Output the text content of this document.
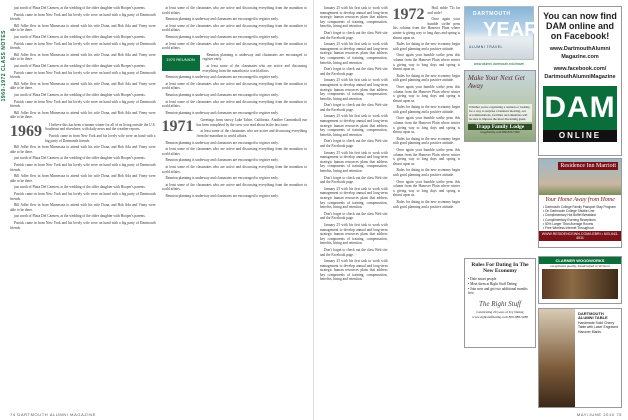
1960-1972 CLASS NOTES

just north of Plaza Del Carmen, at the wedding of the older daughter with Hooper's parents.

Patrick came in from New York and his lovely wife were on hand with a big party of Dartmouth friends.

Bill Adler flew in from Minnesota to attend with his wife Dona, and Bob Ada and Vinny were able to be there.

just north of Plaza Del Carmen, at the wedding of the older daughter with Hooper's parents.

Patrick came in from New York and his lovely wife were on hand with a big party of Dartmouth friends.

Bill Adler flew in from Minnesota to attend with his wife Dona, and Bob Ada and Vinny were able to be there.

just north of Plaza Del Carmen, at the wedding of the older daughter with Hooper's parents.

Patrick came in from New York and his lovely wife were on hand with a big party of Dartmouth friends.

Bill Adler flew in from Minnesota to attend with his wife Dona, and Bob Ada and Vinny were able to be there.

just north of Plaza Del Carmen, at the wedding of the older daughter with Hooper's parents.

Patrick came in from New York and his lovely wife were on hand with a big party of Dartmouth friends.

Bill Adler flew in from Minnesota to attend with his wife Dona, and Bob Ada and Vinny were able to be there.

1969	I believe this has been a banner winter for all of us living outside the U.S. Southeast and elsewhere, with daily news and the weather reports.

Patrick came in from New York and his lovely wife were on hand with a big party of Dartmouth friends.

Bill Adler flew in from Minnesota to attend with his wife Dona, and Bob Ada and Vinny were able to be there.

just north of Plaza Del Carmen, at the wedding of the older daughter with Hooper's parents.

Patrick came in from New York and his lovely wife were on hand with a big party of Dartmouth friends.

Bill Adler flew in from Minnesota to attend with his wife Dona, and Bob Ada and Vinny were able to be there.

just north of Plaza Del Carmen, at the wedding of the older daughter with Hooper's parents.

Patrick came in from New York and his lovely wife were on hand with a big party of Dartmouth friends.

Bill Adler flew in from Minnesota to attend with his wife Dona, and Bob Ada and Vinny were able to be there.

just north of Plaza Del Carmen, at the wedding of the older daughter with Hooper's parents.

Patrick came in from New York and his lovely wife were on hand with a big party of Dartmouth friends.

at least some of the classmates who are active and discussing everything from the marathon to world affairs.

Reunion planning is underway and classmates are encouraged to register early.

at least some of the classmates who are active and discussing everything from the marathon to world affairs.

Reunion planning is underway and classmates are encouraged to register early.

at least some of the classmates who are active and discussing everything from the marathon to world affairs.

1970 REUNION

Reunion planning is underway and classmates are encouraged to register early.

at least some of the classmates who are active and discussing everything from the marathon to world affairs.

Reunion planning is underway and classmates are encouraged to register early.

at least some of the classmates who are active and discussing everything from the marathon to world affairs.

Reunion planning is underway and classmates are encouraged to register early.

at least some of the classmates who are active and discussing everything from the marathon to world affairs.

Reunion planning is underway and classmates are encouraged to register early.

1971	Greetings from snowy Lake Tahoe, California. Another Cannonball run has been completed by the crew you read about in the last issue.

at least some of the classmates who are active and discussing everything from the marathon to world affairs.

Reunion planning is underway and classmates are encouraged to register early.

at least some of the classmates who are active and discussing everything from the marathon to world affairs.

Reunion planning is underway and classmates are encouraged to register early.

at least some of the classmates who are active and discussing everything from the marathon to world affairs.

Reunion planning is underway and classmates are encouraged to register early.

at least some of the classmates who are active and discussing everything from the marathon to world affairs.

Reunion planning is underway and classmates are encouraged to register early.

74 DARTMOUTH ALUMNI MAGAZINE

January 25 with his first task to work with management to develop annual and long-term strategic human resources plans that address key components of training, compensation, benefits, hiring and retention.

Don't forget to check out the class Web site and the Facebook page.

January 25 with his first task to work with management to develop annual and long-term strategic human resources plans that address key components of training, compensation, benefits, hiring and retention.

Don't forget to check out the class Web site and the Facebook page.

January 25 with his first task to work with management to develop annual and long-term strategic human resources plans that address key components of training, compensation, benefits, hiring and retention.

Don't forget to check out the class Web site and the Facebook page.

January 25 with his first task to work with management to develop annual and long-term strategic human resources plans that address key components of training, compensation, benefits, hiring and retention.

Don't forget to check out the class Web site and the Facebook page.

January 25 with his first task to work with management to develop annual and long-term strategic human resources plans that address key components of training, compensation, benefits, hiring and retention.

Don't forget to check out the class Web site and the Facebook page.

January 25 with his first task to work with management to develop annual and long-term strategic human resources plans that address key components of training, compensation, benefits, hiring and retention.

Don't forget to check out the class Web site and the Facebook page.

January 25 with his first task to work with management to develop annual and long-term strategic human resources plans that address key components of training, compensation, benefits, hiring and retention.

Don't forget to check out the class Web site and the Facebook page.

January 25 with his first task to work with management to develop annual and long-term strategic human resources plans that address key components of training, compensation, benefits, hiring and retention.

1972	Hail, noble '72s far and wide!

Once again your humble scribe pens this column from the Hanover Plain where winter is giving way to long days and spring is almost upon us.

Rules for dating in the new economy begin with good planning and a positive attitude.

Once again your humble scribe pens this column from the Hanover Plain where winter is giving way to long days and spring is almost upon us.

Rules for dating in the new economy begin with good planning and a positive attitude.

Once again your humble scribe pens this column from the Hanover Plain where winter is giving way to long days and spring is almost upon us.

Rules for dating in the new economy begin with good planning and a positive attitude.

Once again your humble scribe pens this column from the Hanover Plain where winter is giving way to long days and spring is almost upon us.

Rules for dating in the new economy begin with good planning and a positive attitude.

Once again your humble scribe pens this column from the Hanover Plain where winter is giving way to long days and spring is almost upon us.

Rules for dating in the new economy begin with good planning and a positive attitude.

Once again your humble scribe pens this column from the Hanover Plain where winter is giving way to long days and spring is almost upon us.

Rules for dating in the new economy begin with good planning and a positive attitude.

DARTMOUTH
YEARS
ALUMNI TRAVEL
www.alumni.dartmouth.edu/travel
You can now find DAM online and on Facebook!
www.DartmouthAlumni Magazine.com
www.facebook.com/ DartmouthAlumniMagazine
DAM
ONLINE
Make Your Next Get Away
Whether you're organizing a reunion or looking for a way to surprise a business meeting, our accommodations, facilities and amenities will be sure to impress the most discerning guest.
Trapp Family Lodge
trappfamily.com 800.826.7000
Residence Inn Marriott
Your Home Away from Home
• Dartmouth College Family Passport Stay Program
• On Dartmouth College Shuttle Line
• Complimentary Hot Buffet Breakfast
• Complimentary Evening Receptions
• 50% Larger Than Average Rooms
• Free Wireless Internet Throughout
WWW.RESIDENCEINN.COM/LEBRI • 603-643-4511
Rules For Dating In The New Economy
• Date smart people
• Meet them at Right Stuff Dating
• Join now and get two additional months free
The Right Stuff
Celebrating 20 years of Ivy Dating www.rightstuffdating.com 800-988-5288
CLARNER WOODWORKS
exceptional quality, handcrafted in Vermont
DARTMOUTH ALUMNI TABLE
Handmade Solid Cherry Table with Laser Engraved Hanover Marks
MAY/JUNE 2010 75
